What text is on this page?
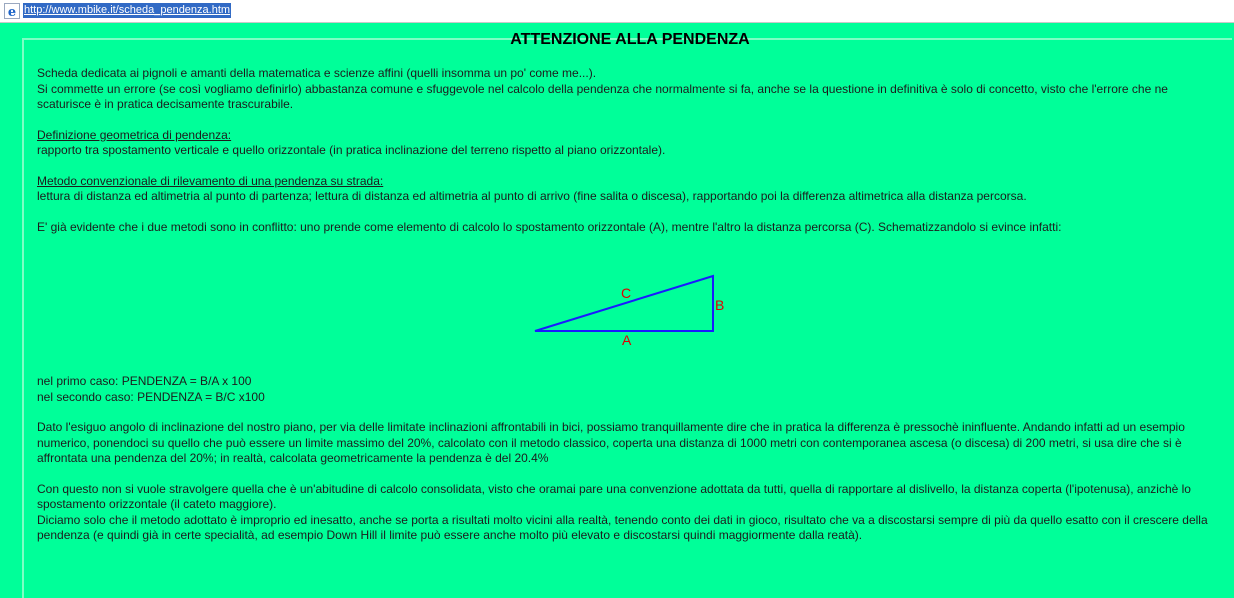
e http://www.mbike.it/scheda_pendenza.htm
ATTENZIONE ALLA PENDENZA

Scheda dedicata ai pignoli e amanti della matematica e scienze affini (quelli insomma un po' come me...).
Si commette un errore (se così vogliamo definirlo) abbastanza comune e sfuggevole nel calcolo della pendenza che normalmente si fa, anche se la questione in definitiva è solo di concetto, visto che l'errore che ne scaturisce è in pratica decisamente trascurabile.

Definizione geometrica di pendenza:
rapporto tra spostamento verticale e quello orizzontale (in pratica inclinazione del terreno rispetto al piano orizzontale).

Metodo convenzionale di rilevamento di una pendenza su strada:
lettura di distanza ed altimetria al punto di partenza; lettura di distanza ed altimetria al punto di arrivo (fine salita o discesa), rapportando poi la differenza altimetrica alla distanza percorsa.

E' già evidente che i due metodi sono in conflitto: uno prende come elemento di calcolo lo spostamento orizzontale (A), mentre l'altro la distanza percorsa (C). Schematizzandolo si evince infatti:

C
B
A

nel primo caso: PENDENZA = B/A x 100
nel secondo caso: PENDENZA = B/C x100

Dato l'esiguo angolo di inclinazione del nostro piano, per via delle limitate inclinazioni affrontabili in bici, possiamo tranquillamente dire che in pratica la differenza è pressochè ininfluente. Andando infatti ad un esempio numerico, ponendoci su quello che può essere un limite massimo del 20%, calcolato con il metodo classico, coperta una distanza di 1000 metri con contemporanea ascesa (o discesa) di 200 metri, si usa dire che si è affrontata una pendenza del 20%; in realtà, calcolata geometricamente la pendenza è del 20.4%

Con questo non si vuole stravolgere quella che è un'abitudine di calcolo consolidata, visto che oramai pare una convenzione adottata da tutti, quella di rapportare al dislivello, la distanza coperta (l'ipotenusa), anzichè lo spostamento orizzontale (il cateto maggiore).
Diciamo solo che il metodo adottato è improprio ed inesatto, anche se porta a risultati molto vicini alla realtà, tenendo conto dei dati in gioco, risultato che va a discostarsi sempre di più da quello esatto con il crescere della pendenza (e quindi già in certe specialità, ad esempio Down Hill il limite può essere anche molto più elevato e discostarsi quindi maggiormente dalla reatà).
